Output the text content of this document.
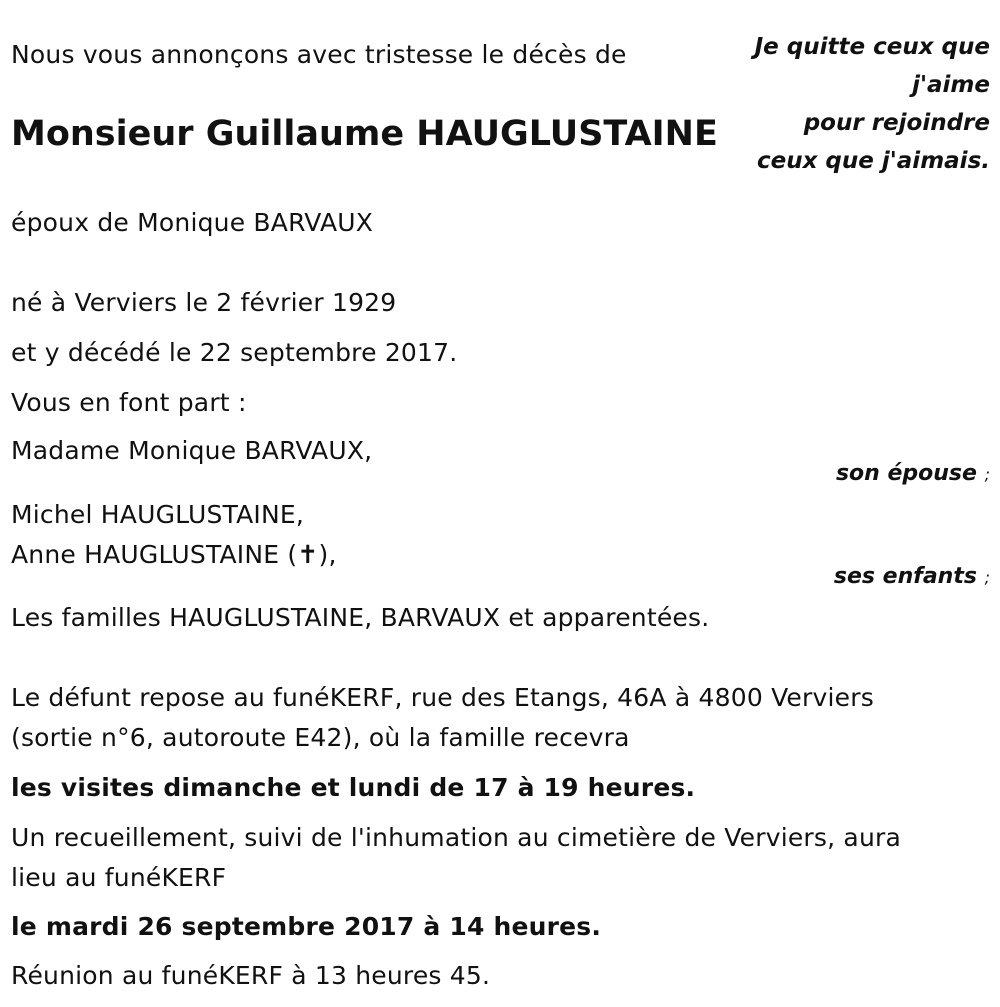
Nous vous annonçons avec tristesse le décès de
Monsieur Guillaume HAUGLUSTAINE
Je quitte ceux que
j'aime
pour rejoindre
ceux que j'aimais.
époux de Monique BARVAUX
né à Verviers le 2 février 1929
et y décédé le 22 septembre 2017.
Vous en font part :
Madame Monique BARVAUX,
son épouse ;
Michel HAUGLUSTAINE,
Anne HAUGLUSTAINE (✝),
ses enfants ;
Les familles HAUGLUSTAINE, BARVAUX et apparentées.
Le défunt repose au funéKERF, rue des Etangs, 46A à 4800 Verviers
(sortie n°6, autoroute E42), où la famille recevra
les visites dimanche et lundi de 17 à 19 heures.
Un recueillement, suivi de l'inhumation au cimetière de Verviers, aura
lieu au funéKERF
le mardi 26 septembre 2017 à 14 heures.
Réunion au funéKERF à 13 heures 45.
